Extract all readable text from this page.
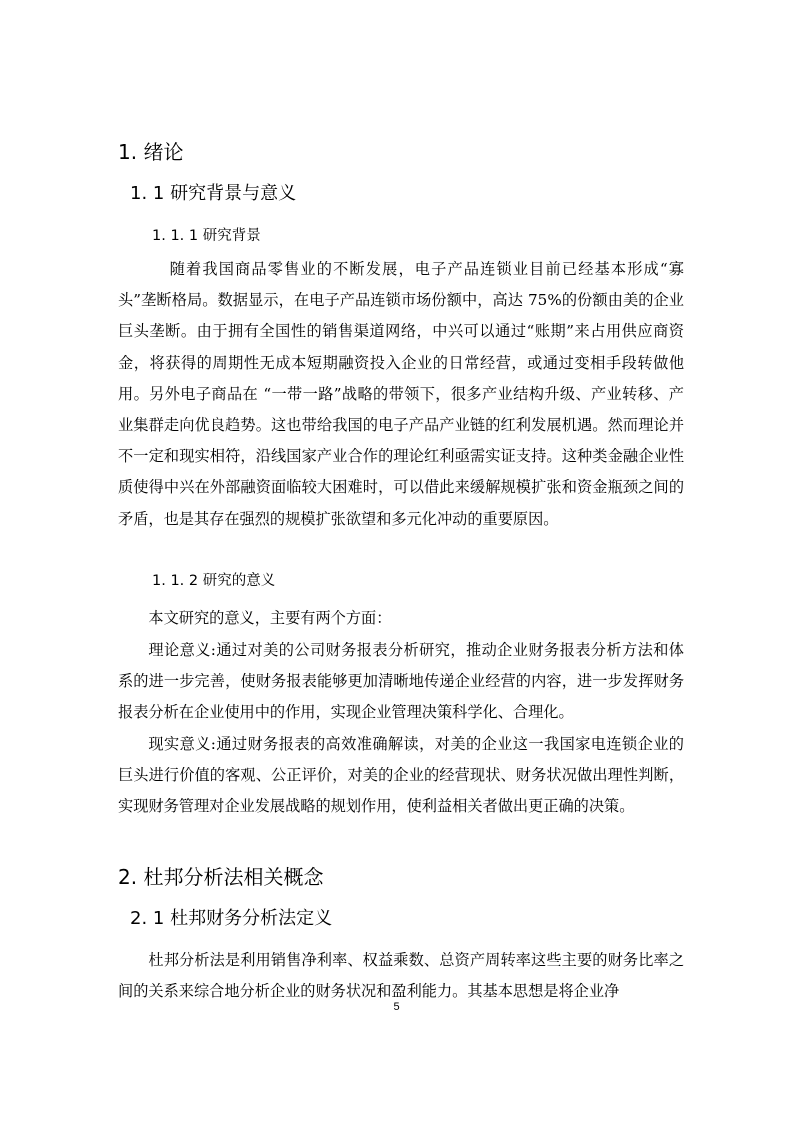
1. 绪论
1. 1 研究背景与意义
1. 1. 1 研究背景

随着我国商品零售业的不断发展，电子产品连锁业目前已经基本形成“寡头”垄断格局。数据显示，在电子产品连锁市场份额中，高达 75%的份额由美的企业巨头垄断。由于拥有全国性的销售渠道网络，中兴可以通过“账期”来占用供应商资金，将获得的周期性无成本短期融资投入企业的日常经营，或通过变相手段转做他用。另外电子商品在 “一带一路”战略的带领下，很多产业结构升级、产业转移、产业集群走向优良趋势。这也带给我国的电子产品产业链的红利发展机遇。然而理论并不一定和现实相符，沿线国家产业合作的理论红利亟需实证支持。这种类金融企业性质使得中兴在外部融资面临较大困难时，可以借此来缓解规模扩张和资金瓶颈之间的矛盾，也是其存在强烈的规模扩张欲望和多元化冲动的重要原因。

1. 1. 2 研究的意义

本文研究的意义，主要有两个方面：

理论意义:通过对美的公司财务报表分析研究，推动企业财务报表分析方法和体系的进一步完善，使财务报表能够更加清晰地传递企业经营的内容，进一步发挥财务报表分析在企业使用中的作用，实现企业管理决策科学化、合理化。

现实意义:通过财务报表的高效准确解读，对美的企业这一我国家电连锁企业的巨头进行价值的客观、公正评价，对美的企业的经营现状、财务状况做出理性判断，实现财务管理对企业发展战略的规划作用，使利益相关者做出更正确的决策。

2. 杜邦分析法相关概念
2. 1 杜邦财务分析法定义

杜邦分析法是利用销售净利率、权益乘数、总资产周转率这些主要的财务比率之间的关系来综合地分析企业的财务状况和盈利能力。其基本思想是将企业净

5
